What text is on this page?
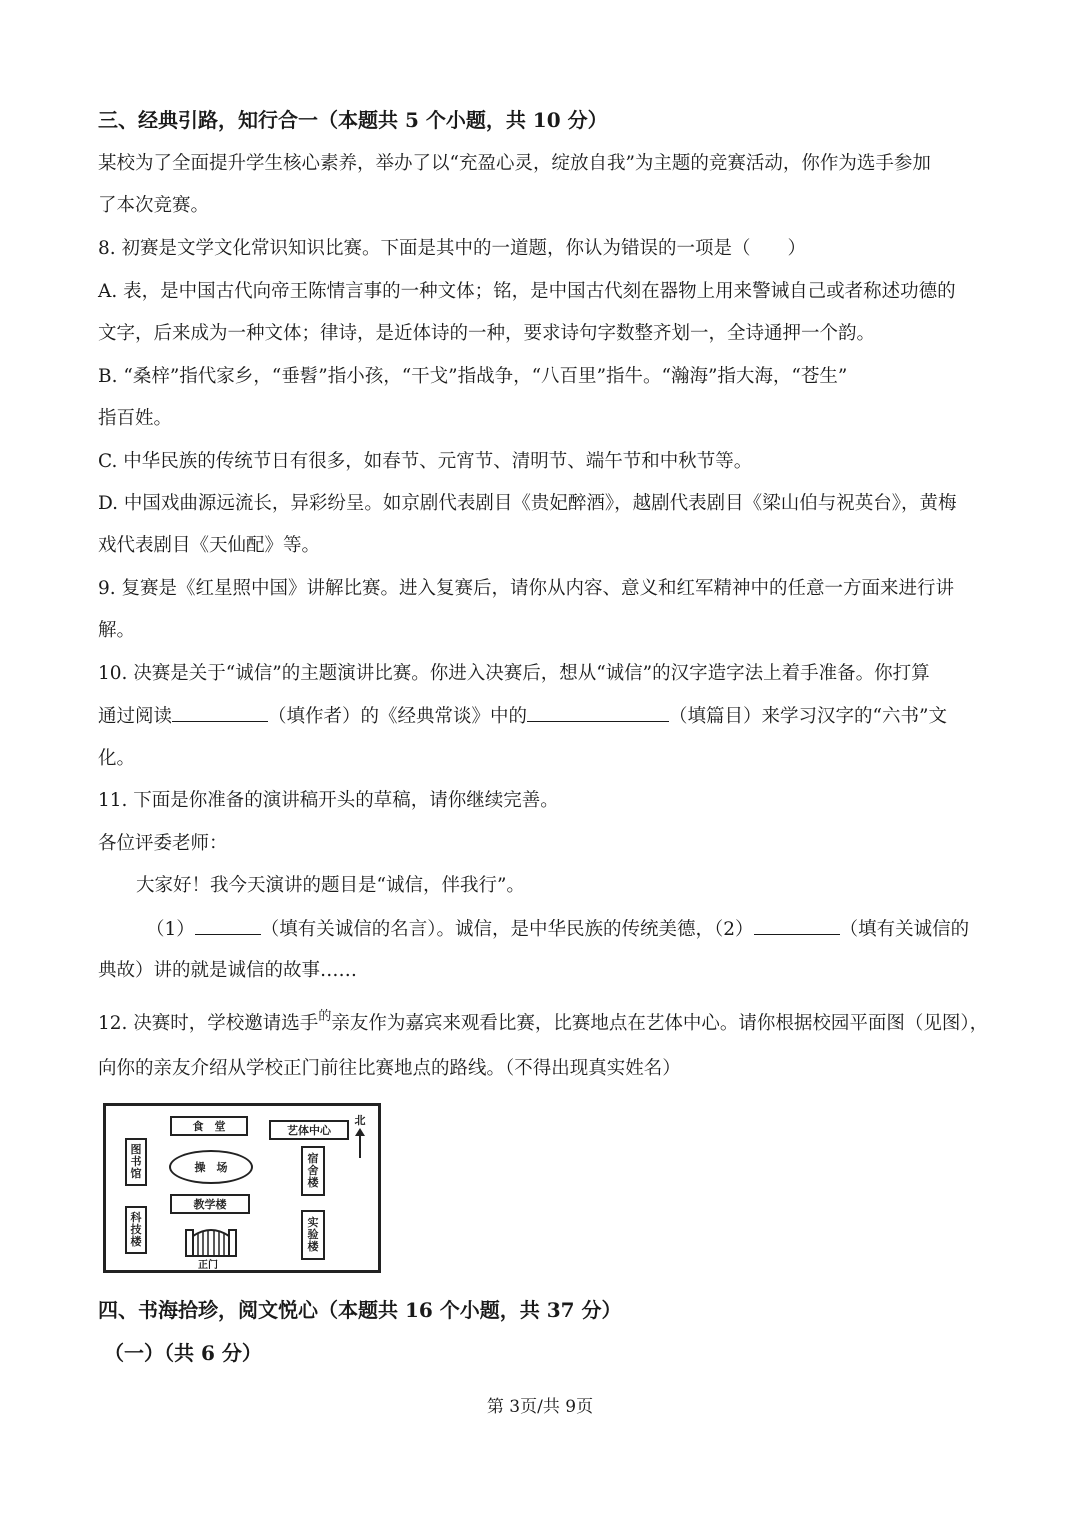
三、经典引路，知行合一（本题共 5 个小题，共 10 分）
某校为了全面提升学生核心素养，举办了以“充盈心灵，绽放自我”为主题的竞赛活动，你作为选手参加
了本次竞赛。
8. 初赛是文学文化常识知识比赛。下面是其中的一道题，你认为错误的一项是（　　）
A. 表，是中国古代向帝王陈情言事的一种文体；铭，是中国古代刻在器物上用来警诫自己或者称述功德的
文字，后来成为一种文体；律诗，是近体诗的一种，要求诗句字数整齐划一，全诗通押一个韵。
B. “桑梓”指代家乡，“垂髫”指小孩，“干戈”指战争，“八百里”指牛。“瀚海”指大海，“苍生”
指百姓。
C. 中华民族的传统节日有很多，如春节、元宵节、清明节、端午节和中秋节等。
D. 中国戏曲源远流长，异彩纷呈。如京剧代表剧目《贵妃醉酒》，越剧代表剧目《梁山伯与祝英台》，黄梅
戏代表剧目《天仙配》等。
9. 复赛是《红星照中国》讲解比赛。进入复赛后，请你从内容、意义和红军精神中的任意一方面来进行讲
解。
10. 决赛是关于“诚信”的主题演讲比赛。你进入决赛后，想从“诚信”的汉字造字法上着手准备。你打算
通过阅读	（填作者）的《经典常谈》中的	（填篇目）来学习汉字的“六书”文
化。
11. 下面是你准备的演讲稿开头的草稿，请你继续完善。
各位评委老师：
大家好！我今天演讲的题目是“诚信，伴我行”。
（1）	（填有关诚信的名言）。诚信，是中华民族的传统美德，（2）	（填有关诚信的
典故）讲的就是诚信的故事……
12. 决赛时，学校邀请选手$^的$亲友作为嘉宾来观看比赛，比赛地点在艺体中心。请你根据校园平面图（见图），
向你的亲友介绍从学校正门前往比赛地点的路线。（不得出现真实姓名）
食　堂	艺体中心
北
图
书
馆	操　场
宿
舍
楼
教学楼
科
技
楼
实
验
楼
正门
四、书海拾珍，阅文悦心（本题共 16 个小题，共 37 分）
（一）（共 6 分）
第 3页/共 9页
